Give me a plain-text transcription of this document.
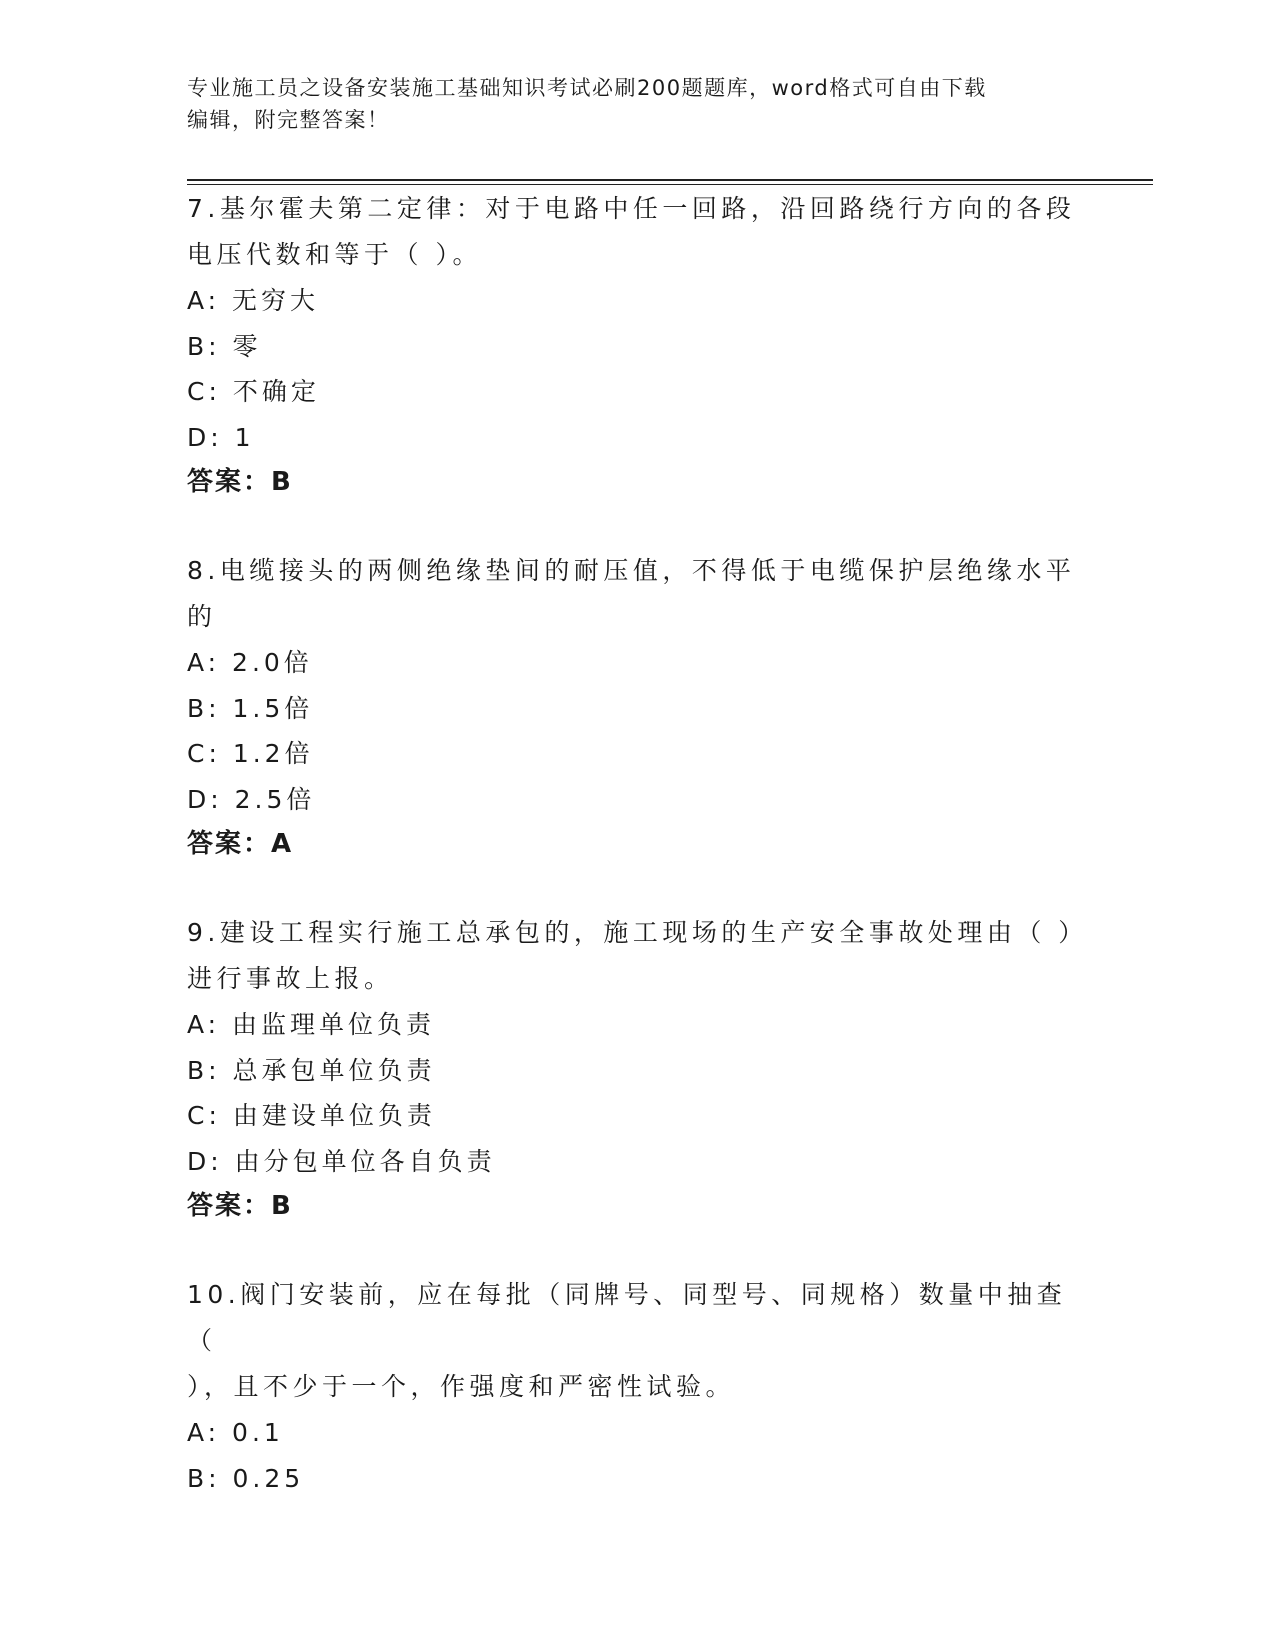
专业施工员之设备安装施工基础知识考试必刷200题题库，word格式可自由下载
编辑，附完整答案！

7.基尔霍夫第二定律：对于电路中任一回路，沿回路绕行方向的各段

电压代数和等于（ ）。

A: 无穷大

B: 零

C: 不确定

D: 1

答案：B

8.电缆接头的两侧绝缘垫间的耐压值，不得低于电缆保护层绝缘水平

的

A: 2.0倍

B: 1.5倍

C: 1.2倍

D: 2.5倍

答案：A

9.建设工程实行施工总承包的，施工现场的生产安全事故处理由（ ）

进行事故上报。

A: 由监理单位负责

B: 总承包单位负责

C: 由建设单位负责

D: 由分包单位各自负责

答案：B

10.阀门安装前，应在每批（同牌号、同型号、同规格）数量中抽查（

），且不少于一个，作强度和严密性试验。

A: 0.1

B: 0.25
